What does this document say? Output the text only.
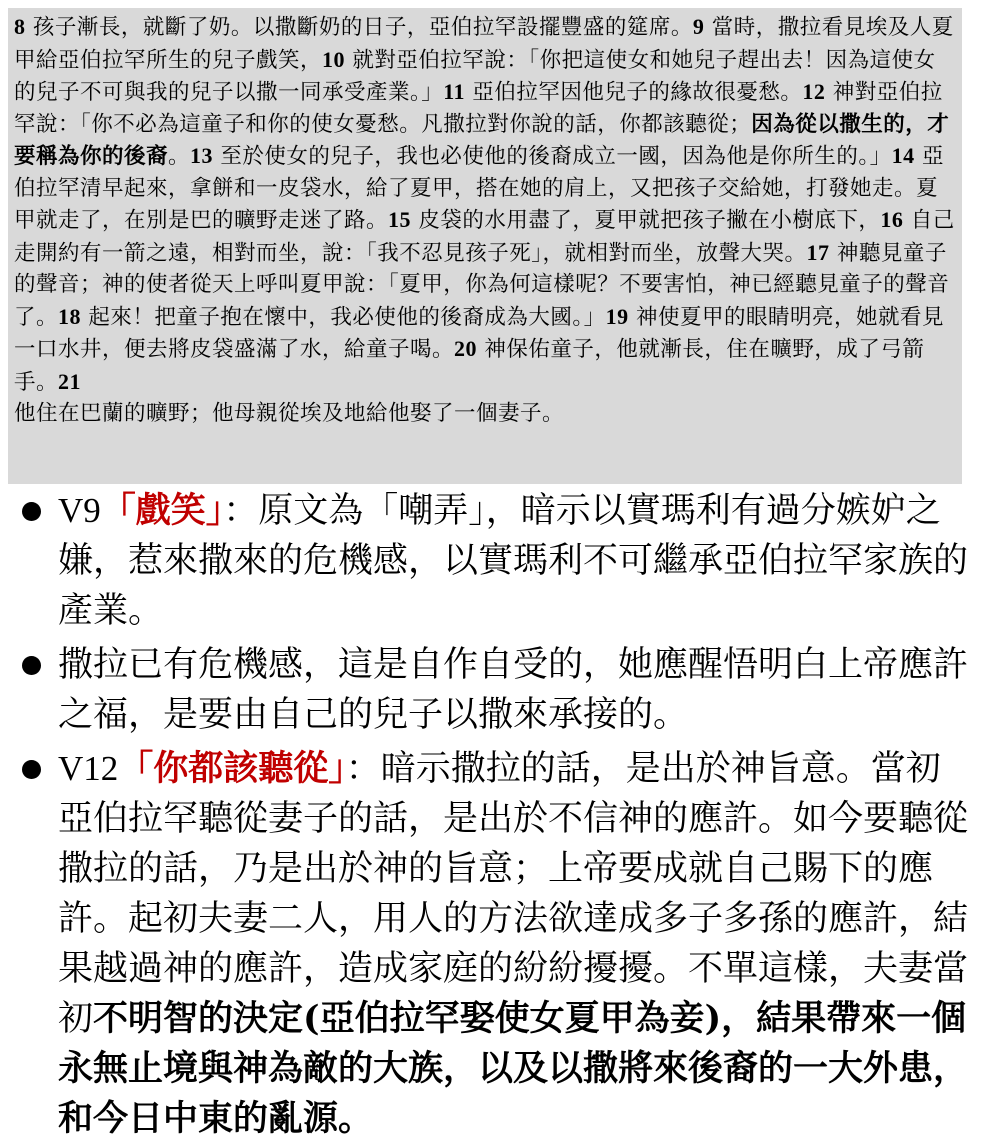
8 孩子漸長，就斷了奶。以撒斷奶的日子，亞伯拉罕設擺豐盛的筵席。9 當時，撒拉看見埃及人夏甲給亞伯拉罕所生的兒子戲笑，10 就對亞伯拉罕說：「你把這使女和她兒子趕出去！因為這使女的兒子不可與我的兒子以撒一同承受產業。」11 亞伯拉罕因他兒子的緣故很憂愁。12 神對亞伯拉罕說：「你不必為這童子和你的使女憂愁。凡撒拉對你說的話，你都該聽從；因為從以撒生的，才要稱為你的後裔。13 至於使女的兒子，我也必使他的後裔成立一國，因為他是你所生的。」14 亞伯拉罕清早起來，拿餅和一皮袋水，給了夏甲，搭在她的肩上，又把孩子交給她，打發她走。夏甲就走了，在別是巴的曠野走迷了路。15 皮袋的水用盡了，夏甲就把孩子撇在小樹底下，16 自己走開約有一箭之遠，相對而坐，說：「我不忍見孩子死」，就相對而坐，放聲大哭。17 神聽見童子的聲音；神的使者從天上呼叫夏甲說：「夏甲，你為何這樣呢？不要害怕，神已經聽見童子的聲音了。18 起來！把童子抱在懷中，我必使他的後裔成為大國。」19 神使夏甲的眼睛明亮，她就看見一口水井，便去將皮袋盛滿了水，給童子喝。20 神保佑童子，他就漸長，住在曠野，成了弓箭手。21
他住在巴蘭的曠野；他母親從埃及地給他娶了一個妻子。
V9「戲笑」：原文為「嘲弄」，暗示以實瑪利有過分嫉妒之嫌，惹來撒來的危機感，以實瑪利不可繼承亞伯拉罕家族的產業。
撒拉已有危機感，這是自作自受的，她應醒悟明白上帝應許之福，是要由自己的兒子以撒來承接的。
V12「你都該聽從」：暗示撒拉的話，是出於神旨意。當初亞伯拉罕聽從妻子的話，是出於不信神的應許。如今要聽從撒拉的話，乃是出於神的旨意；上帝要成就自己賜下的應許。起初夫妻二人，用人的方法欲達成多子多孫的應許，結果越過神的應許，造成家庭的紛紛擾擾。不單這樣，夫妻當初不明智的決定(亞伯拉罕娶使女夏甲為妾)，結果帶來一個永無止境與神為敵的大族，以及以撒將來後裔的一大外患，和今日中東的亂源。
